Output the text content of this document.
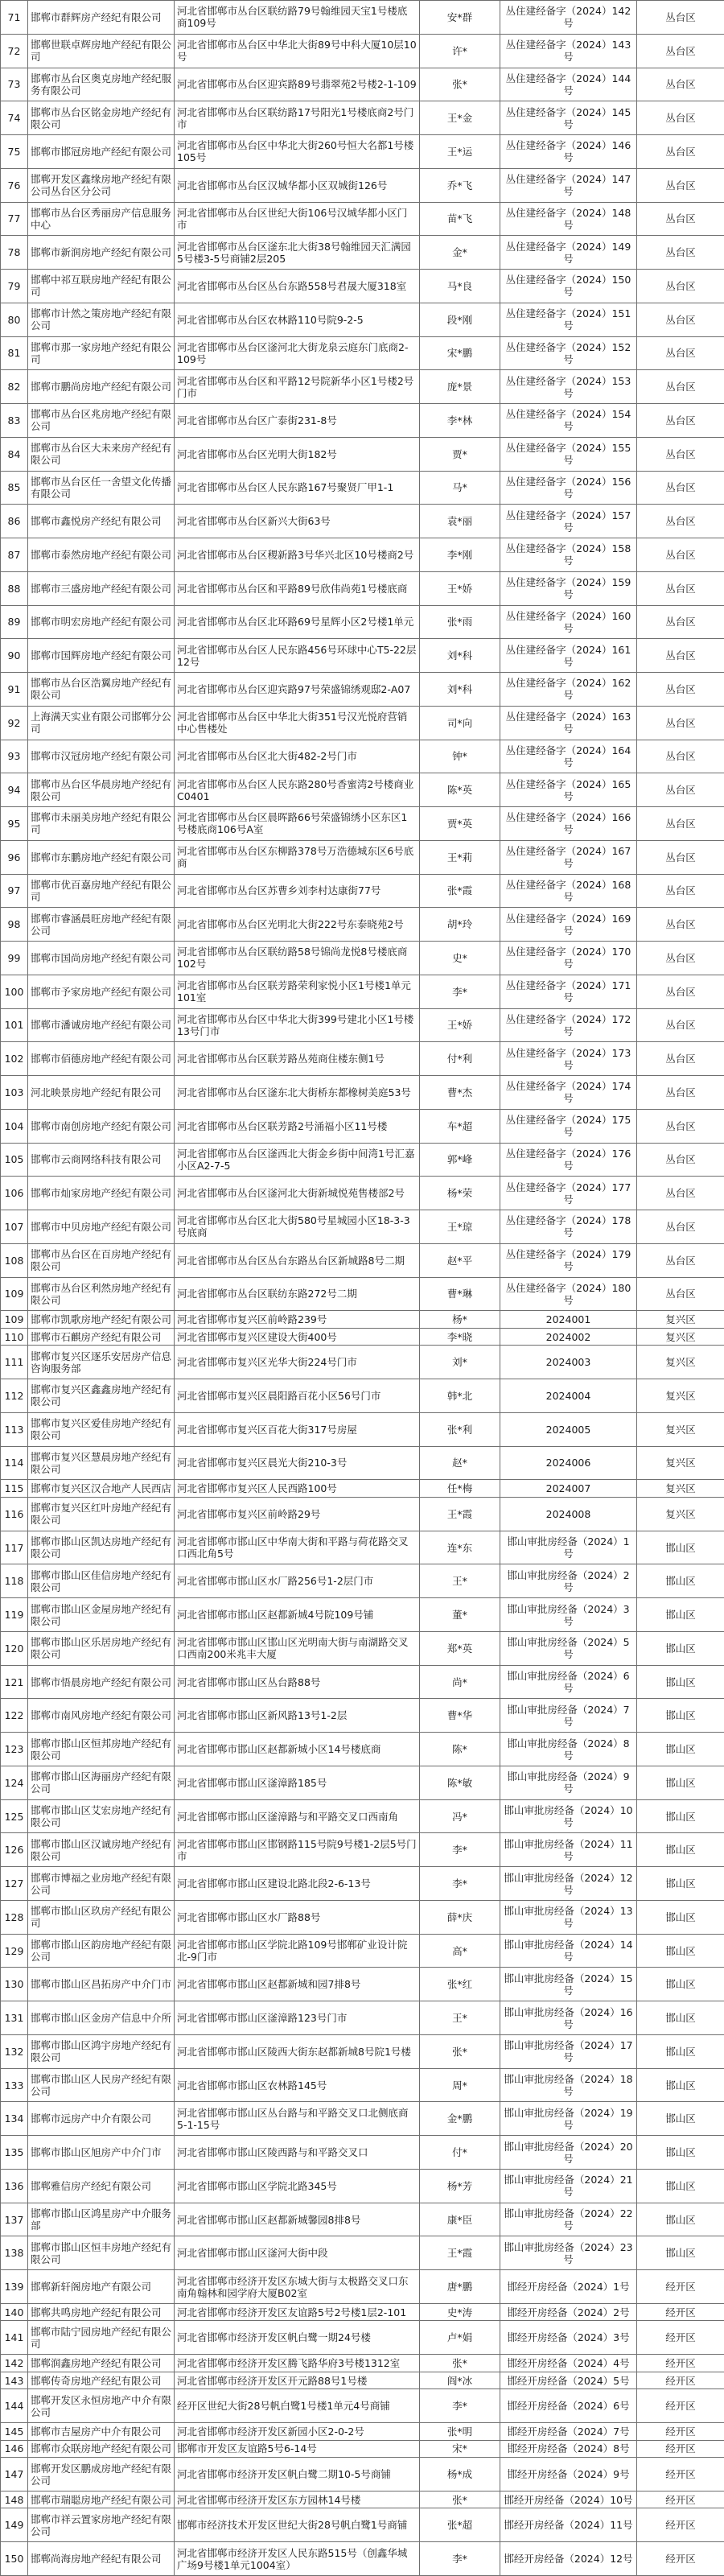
71	邯郸市群辉房产经纪有限公司	河北省邯郸市丛台区联纺路79号翰维园天宝1号楼底商109号	安*群	丛住建经备字（2024）142号	丛台区
72	邯郸世联卓辉房地产经纪有限公司	河北省邯郸市丛台区中华北大街89号中科大厦10层10号	许*	丛住建经备字（2024）143号	丛台区
73	邯郸市丛台区奥克房地产经纪服务有限公司	河北省邯郸市丛台区迎宾路89号翡翠苑2号楼2-1-109	张*	丛住建经备字（2024）144号	丛台区
74	邯郸市丛台区铭金房地产经纪有限公司	河北省邯郸市丛台区联纺路17号阳光1号楼底商2号门市	王*金	丛住建经备字（2024）145号	丛台区
75	邯郸市邯冠房地产经纪有限公司	河北省邯郸市丛台区中华北大街260号恒大名都1号楼105号	王*运	丛住建经备字（2024）146号	丛台区
76	邯郸开发区鑫缘房地产经纪有限公司丛台区分公司	河北省邯郸市丛台区汉城华都小区双城街126号	乔*飞	丛住建经备字（2024）147号	丛台区
77	邯郸市丛台区秀丽房产信息服务中心	河北省邯郸市丛台区世纪大街106号汉城华都小区门市	苗*飞	丛住建经备字（2024）148号	丛台区
78	邯郸市新润房地产经纪有限公司	河北省邯郸市丛台区滏东北大街38号翰维园天汇满园5号楼3-5号商铺2层205	金*	丛住建经备字（2024）149号	丛台区
79	邯郸中祁互联房地产经纪有限公司	河北省邯郸市丛台区丛台东路558号君晟大厦318室	马*良	丛住建经备字（2024）150号	丛台区
80	邯郸市计然之策房地产经纪有限公司	河北省邯郸市丛台区农林路110号院9-2-5	段*刚	丛住建经备字（2024）151号	丛台区
81	邯郸市那一家房地产经纪有限公司	河北省邯郸市丛台区滏河北大街龙泉云庭东门底商2-109号	宋*鹏	丛住建经备字（2024）152号	丛台区
82	邯郸市鹏尚房地产经纪有限公司	河北省邯郸市丛台区和平路12号院新华小区1号楼2号门市	庞*景	丛住建经备字（2024）153号	丛台区
83	邯郸市丛台区兆房地产经纪有限公司	河北省邯郸市丛台区广泰街231-8号	李*林	丛住建经备字（2024）154号	丛台区
84	邯郸市丛台区大未来房产经纪有限公司	河北省邯郸市丛台区光明大街182号	贾*	丛住建经备字（2024）155号	丛台区
85	邯郸市丛台区任一舍望文化传播有限公司	河北省邯郸市丛台区人民东路167号聚贤厂甲1-1	马*	丛住建经备字（2024）156号	丛台区
86	邯郸市鑫悦房产经纪有限公司	河北省邯郸市丛台区新兴大街63号	袁*丽	丛住建经备字（2024）157号	丛台区
87	邯郸市泰然房地产经纪有限公司	河北省邯郸市丛台区稷新路3号华兴北区10号楼商2号	李*刚	丛住建经备字（2024）158号	丛台区
88	邯郸市三盛房地产经纪有限公司	河北省邯郸市丛台区和平路89号欣伟尚苑1号楼底商	王*娇	丛住建经备字（2024）159号	丛台区
89	邯郸市明宏房地产经纪有限公司	河北省邯郸市丛台区北环路69号星辉小区2号楼1单元	张*雨	丛住建经备字（2024）160号	丛台区
90	邯郸市国辉房地产经纪有限公司	河北省邯郸市丛台区人民东路456号环球中心T5-22层12号	刘*科	丛住建经备字（2024）161号	丛台区
91	邯郸市丛台区浩翼房地产经纪有限公司	河北省邯郸市丛台区迎宾路97号荣盛锦绣观邸2-A07	刘*科	丛住建经备字（2024）162号	丛台区
92	上海满天实业有限公司邯郸分公司	河北省邯郸市丛台区中华北大街351号汉光悦府营销中心售楼处	司*向	丛住建经备字（2024）163号	丛台区
93	邯郸市汉冠房地产经纪有限公司	河北省邯郸市丛台区北大街482-2号门市	钟*	丛住建经备字（2024）164号	丛台区
94	邯郸市丛台区华晨房地产经纪有限公司	河北省邯郸市丛台区人民东路280号香蜜湾2号楼商业C0401	陈*英	丛住建经备字（2024）165号	丛台区
95	邯郸市未丽美房地产经纪有限公司	河北省邯郸市丛台区晨晖路66号荣盛锦绣小区东区1号楼底商106号A室	贾*英	丛住建经备字（2024）166号	丛台区
96	邯郸市东鹏房地产经纪有限公司	河北省邯郸市丛台区东柳路378号万浩德城东区6号底商	王*莉	丛住建经备字（2024）167号	丛台区
97	邯郸市优百嘉房地产经纪有限公司	河北省邯郸市丛台区苏曹乡刘李村达康街77号	张*霞	丛住建经备字（2024）168号	丛台区
98	邯郸市睿涵晨旺房地产经纪有限公司	河北省邯郸市丛台区光明北大街222号东泰晓苑2号	胡*玲	丛住建经备字（2024）169号	丛台区
99	邯郸市国尚房地产经纪有限公司	河北省邯郸市丛台区联纺路58号锦尚龙悦8号楼底商102号	史*	丛住建经备字（2024）170号	丛台区
100	邯郸市予家房地产经纪有限公司	河北省邯郸市丛台区联芳路荣利家悦小区1号楼1单元101室	李*	丛住建经备字（2024）171号	丛台区
101	邯郸市潘诚房地产经纪有限公司	河北省邯郸市丛台区中华北大街399号建北小区1号楼13号门市	王*娇	丛住建经备字（2024）172号	丛台区
102	邯郸市佰德房地产经纪有限公司	河北省邯郸市丛台区联芳路丛苑商住楼东侧1号	付*利	丛住建经备字（2024）173号	丛台区
103	河北映景房地产经纪有限公司	河北省邯郸市丛台区滏东北大街桥东都橡树美庭53号	曹*杰	丛住建经备字（2024）174号	丛台区
104	邯郸市南创房地产经纪有限公司	河北省邯郸市丛台区联芳路2号涌福小区11号楼	车*超	丛住建经备字（2024）175号	丛台区
105	邯郸市云商网络科技有限公司	河北省邯郸市丛台区滏西北大街金乡街中间湾1号汇嘉小区A2-7-5	郭*峰	丛住建经备字（2024）176号	丛台区
106	邯郸市灿家房地产经纪有限公司	河北省邯郸市丛台区滏河北大街新城悦苑售楼部2号	杨*荣	丛住建经备字（2024）177号	丛台区
107	邯郸市中贝房地产经纪有限公司	河北省邯郸市丛台区北大街580号星城园小区18-3-3号底商	王*琼	丛住建经备字（2024）178号	丛台区
108	邯郸市丛台区在百房地产经纪有限公司	河北省邯郸市丛台区丛台东路丛台区新城路8号二期	赵*平	丛住建经备字（2024）179号	丛台区
109	邯郸市丛台区利然房地产经纪有限公司	河北省邯郸市丛台区联纺东路272号二期	曹*琳	丛住建经备字（2024）180号	丛台区
109	邯郸市凯歌房地产经纪有限公司	河北省邯郸市复兴区前岭路239号	杨*	2024001	复兴区
110	邯郸市石麒房产经纪有限公司	河北省邯郸市复兴区建设大街400号	李*晓	2024002	复兴区
111	邯郸市复兴区逐乐安居房产信息咨询服务部	河北省邯郸市复兴区光华大街224号门市	刘*	2024003	复兴区
112	邯郸市复兴区鑫鑫房地产经纪有限公司	河北省邯郸市复兴区晨阳路百花小区56号门市	韩*北	2024004	复兴区
113	邯郸市复兴区爱佳房地产经纪有限公司	河北省邯郸市复兴区百花大街317号房屋	张*利	2024005	复兴区
114	邯郸市复兴区慧晨房地产经纪有限公司	河北省邯郸市复兴区晨光大街210-3号	赵*	2024006	复兴区
115	邯郸市复兴区汉合地产人民西店	河北省邯郸市复兴区人民西路100号	任*梅	2024007	复兴区
116	邯郸市复兴区红叶房地产经纪有限公司	河北省邯郸市复兴区前岭路29号	王*霞	2024008	复兴区
117	邯郸市邯山区凯达房地产经纪有限公司	河北省邯郸市邯山区中华南大街和平路与荷花路交叉口西北角5号	连*东	邯山审批房经备（2024）1号	邯山区
118	邯郸市邯山区佳信房地产经纪有限公司	河北省邯郸市邯山区水厂路256号1-2层门市	王*	邯山审批房经备（2024）2号	邯山区
119	邯郸市邯山区金屋房地产经纪有限公司	河北省邯郸市邯山区赵都新城4号院109号铺	董*	邯山审批房经备（2024）3号	邯山区
120	邯郸市邯山区乐居房地产经纪有限公司	河北省邯郸市邯山区邯山区光明南大街与南湖路交叉口西南200米兆丰大厦	郑*英	邯山审批房经备（2024）5号	邯山区
121	邯郸市悟晨房地产经纪有限公司	河北省邯郸市邯山区丛台路88号	尚*	邯山审批房经备（2024）6号	邯山区
122	邯郸市南风房地产经纪有限公司	河北省邯郸市邯山区新风路13号1-2层	曹*华	邯山审批房经备（2024）7号	邯山区
123	邯郸市邯山区恒邦房地产经纪有限公司	河北省邯郸市邯山区赵都新城小区14号楼底商	陈*	邯山审批房经备（2024）8号	邯山区
124	邯郸市邯山区海丽房产经纪有限公司	河北省邯郸市邯山区滏漳路185号	陈*敏	邯山审批房经备（2024）9号	邯山区
125	邯郸市邯山区艾宏房地产经纪有限公司	河北省邯郸市邯山区滏漳路与和平路交叉口西南角	冯*	邯山审批房经备（2024）10号	邯山区
126	邯郸市邯山区汉诚房地产经纪有限公司	河北省邯郸市邯山区邯钢路115号院9号楼1-2层5号门市	李*	邯山审批房经备（2024）11号	邯山区
127	邯郸市博福之业房地产经纪有限公司	河北省邯郸市邯山区建设北路北段2-6-13号	李*	邯山审批房经备（2024）12号	邯山区
128	邯郸市邯山区玖房产经纪有限公司	河北省邯郸市邯山区水厂路88号	薛*庆	邯山审批房经备（2024）13号	邯山区
129	邯郸市邯山区韵房地产经纪有限公司	河北省邯郸市邯山区学院北路109号邯郸矿业设计院北-9门市	高*	邯山审批房经备（2024）14号	邯山区
130	邯郸市邯山区昌拓房产中介门市	河北省邯郸市邯山区赵都新城和园7排8号	张*红	邯山审批房经备（2024）15号	邯山区
131	邯郸市邯山区金房产信息中介所	河北省邯郸市邯山区滏漳路123号门市	王*	邯山审批房经备（2024）16号	邯山区
132	邯郸市邯山区鸿宇房地产经纪有限公司	河北省邯郸市邯山区陵西大街东赵都新城8号院1号楼	张*	邯山审批房经备（2024）17号	邯山区
133	邯郸市邯山区人民房产经纪有限公司	河北省邯郸市邯山区农林路145号	周*	邯山审批房经备（2024）18号	邯山区
134	邯郸市远房产中介有限公司	河北省邯郸市邯山区丛台路与和平路交叉口北侧底商5-1-15号	金*鹏	邯山审批房经备（2024）19号	邯山区
135	邯郸市邯山区旭房产中介门市	河北省邯郸市邯山区陵西路与和平路交叉口	付*	邯山审批房经备（2024）20号	邯山区
136	邯郸雅信房产经纪有限公司	河北省邯郸市邯山区学院北路345号	杨*芳	邯山审批房经备（2024）21号	邯山区
137	邯郸市邯山区鸿星房产中介服务部	河北省邯郸市邯山区赵都新城馨园8排8号	康*臣	邯山审批房经备（2024）22号	邯山区
138	邯郸市邯山区恒丰房地产经纪有限公司	河北省邯郸市邯山区滏河大街中段	王*霞	邯山审批房经备（2024）23号	邯山区
139	邯郸新轩阁房地产有限公司	河北省邯郸市经济开发区东城大街与太极路交叉口东南角翰林和园学府大厦B02室	唐*鹏	邯经开房经备（2024）1号	经开区
140	邯郸共鸣房地产经纪有限公司	河北省邯郸市经济开发区友谊路5号2号楼1层2-101	史*涛	邯经开房经备（2024）2号	经开区
141	邯郸市陆宁园房地产经纪有限公司	河北省邯郸市经济开发区帆白鹭一期24号楼	卢*娟	邯经开房经备（2024）3号	经开区
142	邯郸润鑫房地产经纪有限公司	河北省邯郸市经济开发区腾飞路华府3号楼1312室	张*	邯经开房经备（2024）4号	经开区
143	邯郸传奇房地产经纪有限公司	河北省邯郸市经济开发区开元路88号1号楼	阎*冰	邯经开房经备（2024）5号	经开区
144	邯郸开发区永恒房地产中介有限公司	经开区世纪大街28号帆白鹭1号楼1单元4号商铺	李*	邯经开房经备（2024）6号	经开区
145	邯郸市吉屋房产中介有限公司	河北省邯郸市经济开发区新园小区2-0-2号	张*明	邯经开房经备（2024）7号	经开区
146	邯郸市众联房地产经纪有限公司	邯郸市开发区友谊路5号6-14号	宋*	邯经开房经备（2024）8号	经开区
147	邯郸开发区鹏成房地产经纪有限公司	河北省邯郸市经济开发区帆白鹭二期10-5号商铺	杨*成	邯经开房经备（2024）9号	经开区
148	邯郸市瑞聪房地产经纪有限公司	河北省邯郸市经济开发区东方园林14号楼	张*	邯经开房经备（2024）10号	经开区
149	邯郸市祥云置家房地产经纪有限公司	邯郸市经济技术开发区世纪大街28号帆白鹭1号商铺	张*超	邯经开房经备（2024）11号	经开区
150	邯郸尚海房地产经纪有限公司	河北省邯郸市经济开发区人民东路515号（创鑫华城广场9号楼1单元1004室）	李*	邯经开房经备（2024）12号	经开区
